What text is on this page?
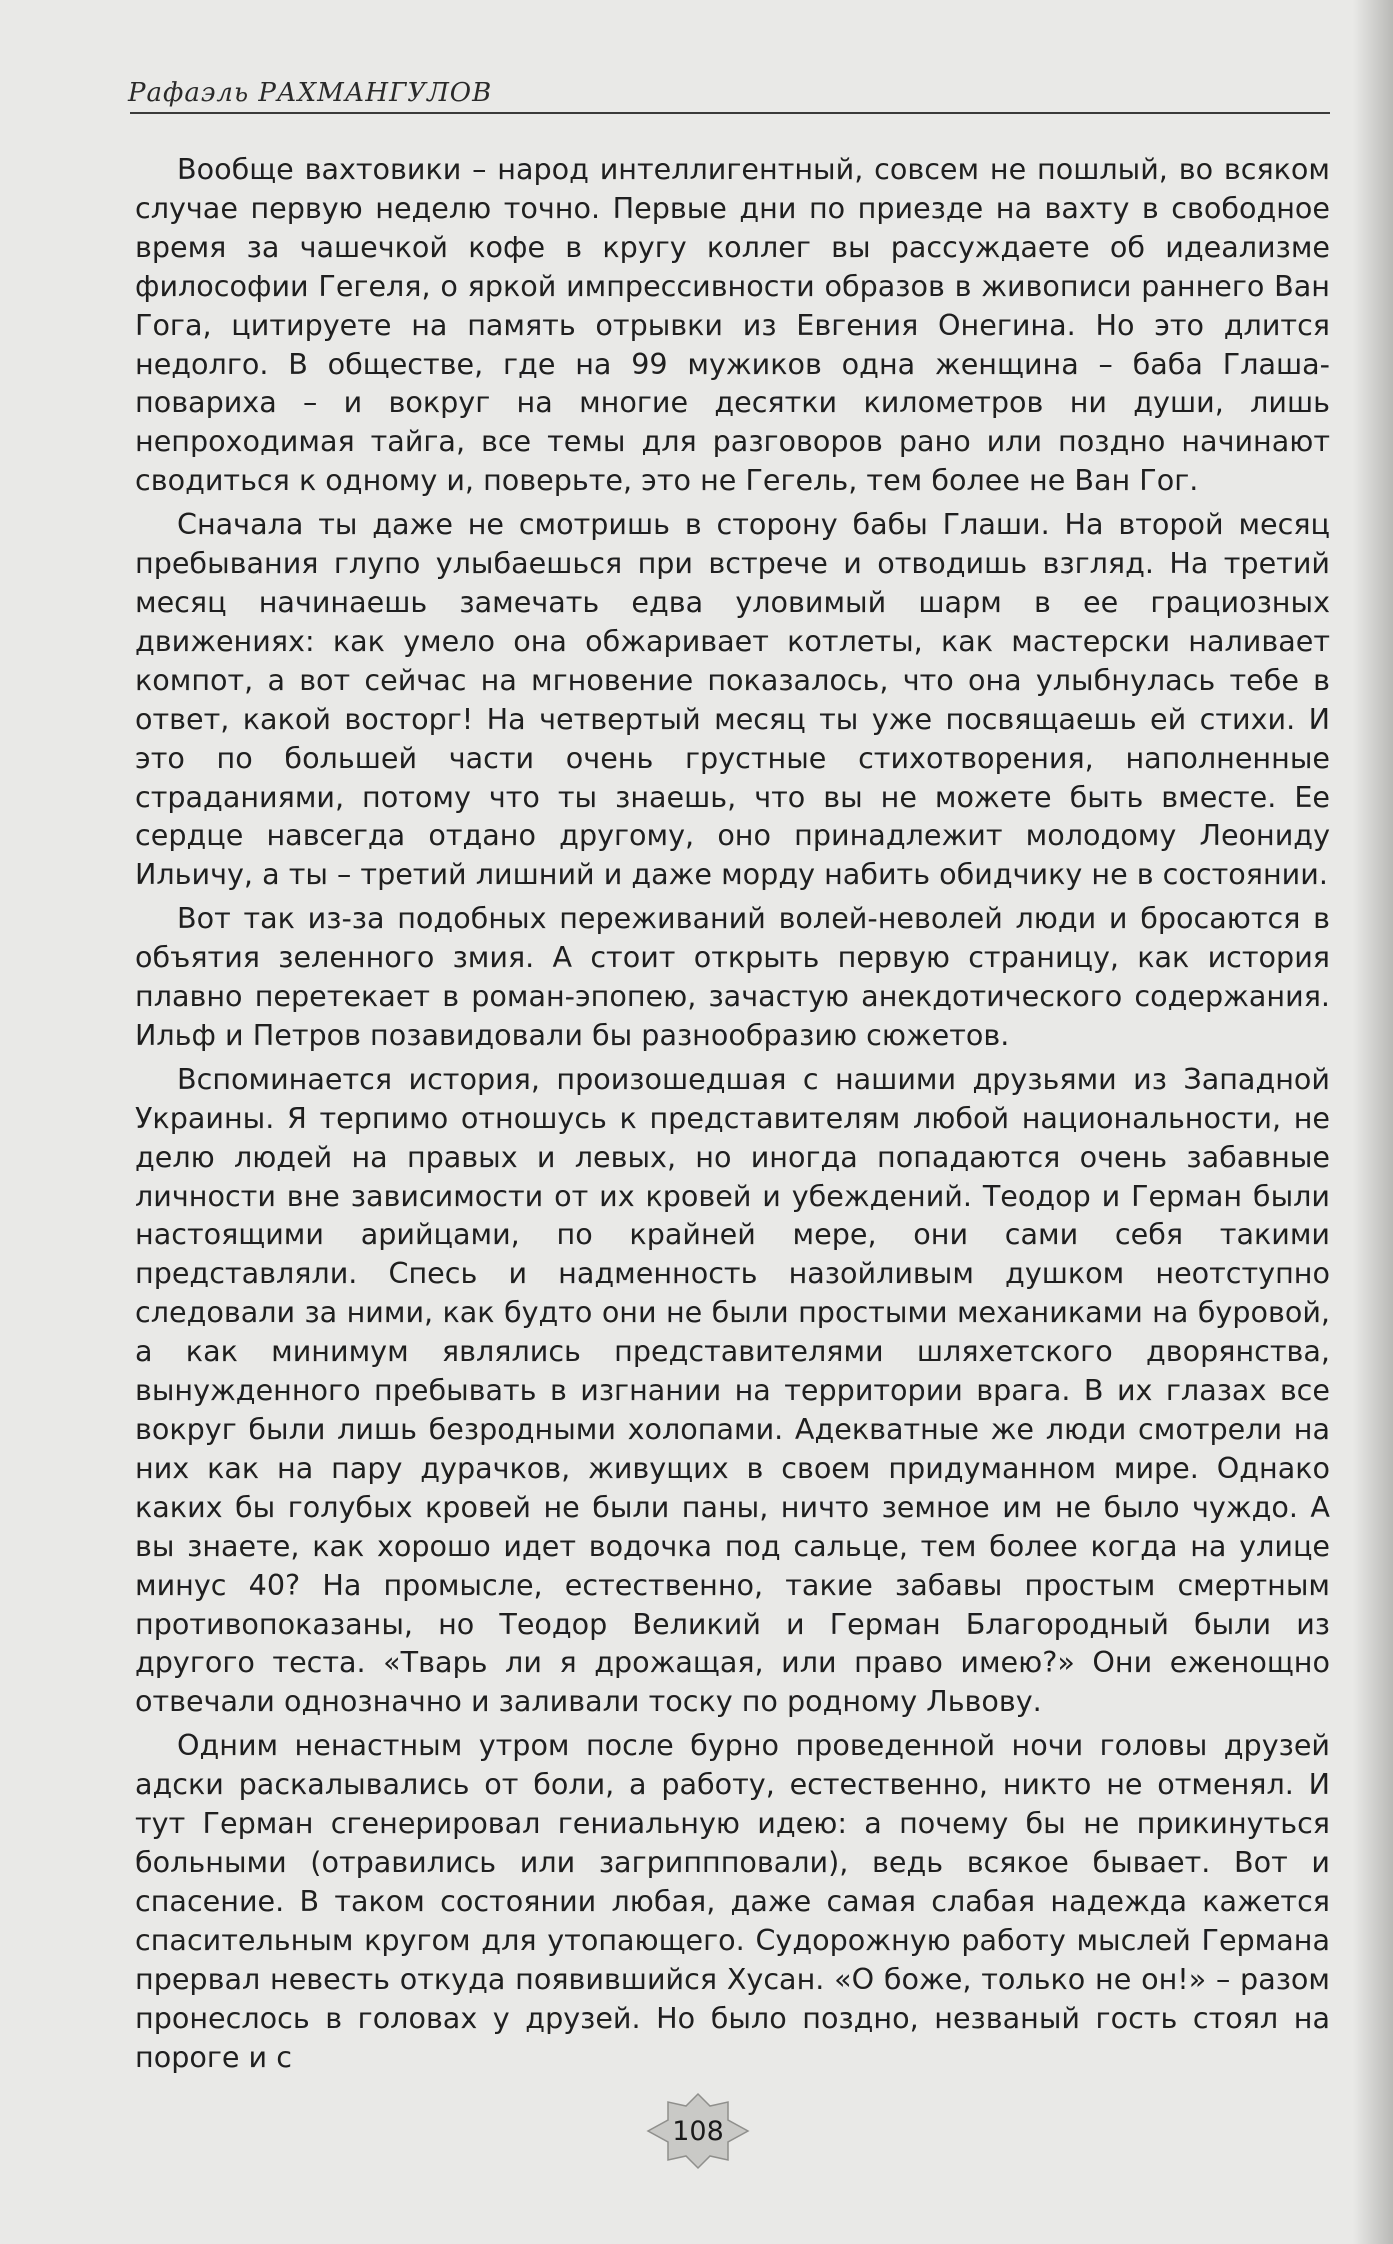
Рафаэль РАХМАНГУЛОВ

Вообще вахтовики – народ интеллигентный, совсем не пошлый, во всяком случае первую неделю точно. Первые дни по приезде на вахту в свободное время за чашечкой кофе в кругу коллег вы рассуждаете об идеализме философии Гегеля, о яркой импрессивности образов в живописи раннего Ван Гога, цитируете на память отрывки из Евгения Онегина. Но это длится недолго. В обществе, где на 99 мужиков одна женщина – баба Глаша-повариха – и вокруг на многие десятки километров ни души, лишь непроходимая тайга, все темы для разговоров рано или поздно начинают сводиться к одному и, поверьте, это не Гегель, тем более не Ван Гог.

Сначала ты даже не смотришь в сторону бабы Глаши. На второй месяц пребывания глупо улыбаешься при встрече и отводишь взгляд. На третий месяц начинаешь замечать едва уловимый шарм в ее грациозных движениях: как умело она обжаривает котлеты, как мастерски наливает компот, а вот сейчас на мгновение показалось, что она улыбнулась тебе в ответ, какой восторг! На четвертый месяц ты уже посвящаешь ей стихи. И это по большей части очень грустные стихотворения, наполненные страданиями, потому что ты знаешь, что вы не можете быть вместе. Ее сердце навсегда отдано другому, оно принадлежит молодому Леониду Ильичу, а ты – третий лишний и даже морду набить обидчику не в состоянии.

Вот так из-за подобных переживаний волей-неволей люди и бросаются в объятия зеленного змия. А стоит открыть первую страницу, как история плавно перетекает в роман-эпопею, зачастую анекдотического содержания. Ильф и Петров позавидовали бы разнообразию сюжетов.

Вспоминается история, произошедшая с нашими друзьями из Западной Украины. Я терпимо отношусь к представителям любой национальности, не делю людей на правых и левых, но иногда попадаются очень забавные личности вне зависимости от их кровей и убеждений. Теодор и Герман были настоящими арийцами, по крайней мере, они сами себя такими представляли. Спесь и надменность назойливым душком неотступно следовали за ними, как будто они не были простыми механиками на буровой, а как минимум являлись представителями шляхетского дворянства, вынужденного пребывать в изгнании на территории врага. В их глазах все вокруг были лишь безродными холопами. Адекватные же люди смотрели на них как на пару дурачков, живущих в своем придуманном мире. Однако каких бы голубых кровей не были паны, ничто земное им не было чуждо. А вы знаете, как хорошо идет водочка под сальце, тем более когда на улице минус 40? На промысле, естественно, такие забавы простым смертным противопоказаны, но Теодор Великий и Герман Благородный были из другого теста. «Тварь ли я дрожащая, или право имею?» Они еженощно отвечали однозначно и заливали тоску по родному Львову.

Одним ненастным утром после бурно проведенной ночи головы друзей адски раскалывались от боли, а работу, естественно, никто не отменял. И тут Герман сгенерировал гениальную идею: а почему бы не прикинуться больными (отравились или загриппповали), ведь всякое бывает. Вот и спасение. В таком состоянии любая, даже самая слабая надежда кажется спасительным кругом для утопающего. Судорожную работу мыслей Германа прервал невесть откуда появившийся Хусан. «О боже, только не он!» – разом пронеслось в головах у друзей. Но было поздно, незваный гость стоял на пороге и с

108
